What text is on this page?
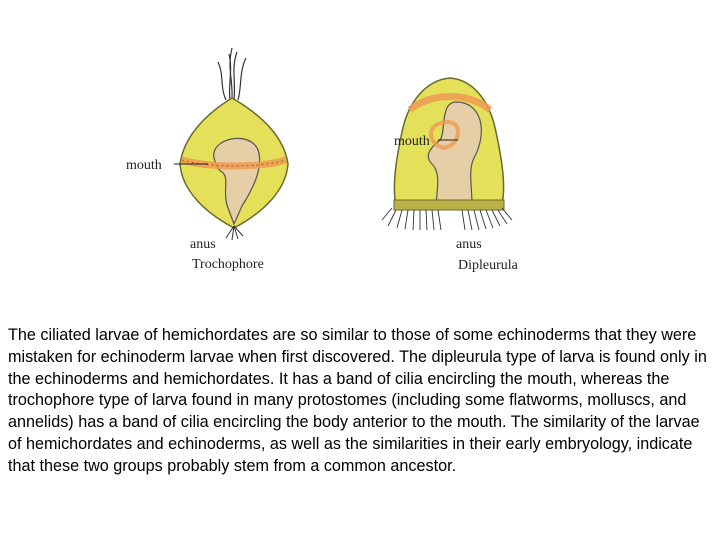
mouth
anus
Trochophore
mouth
anus
Dipleurula

The ciliated larvae of hemichordates are so similar to those of some echinoderms that they were mistaken for echinoderm larvae when first discovered. The dipleurula type of larva is found only in the echinoderms and hemichordates. It has a band of cilia encircling the mouth, whereas the trochophore type of larva found in many protostomes (including some flatworms, molluscs, and annelids) has a band of cilia encircling the body anterior to the mouth. The similarity of the larvae of hemichordates and echinoderms, as well as the similarities in their early embryology, indicate that these two groups probably stem from a common ancestor.
